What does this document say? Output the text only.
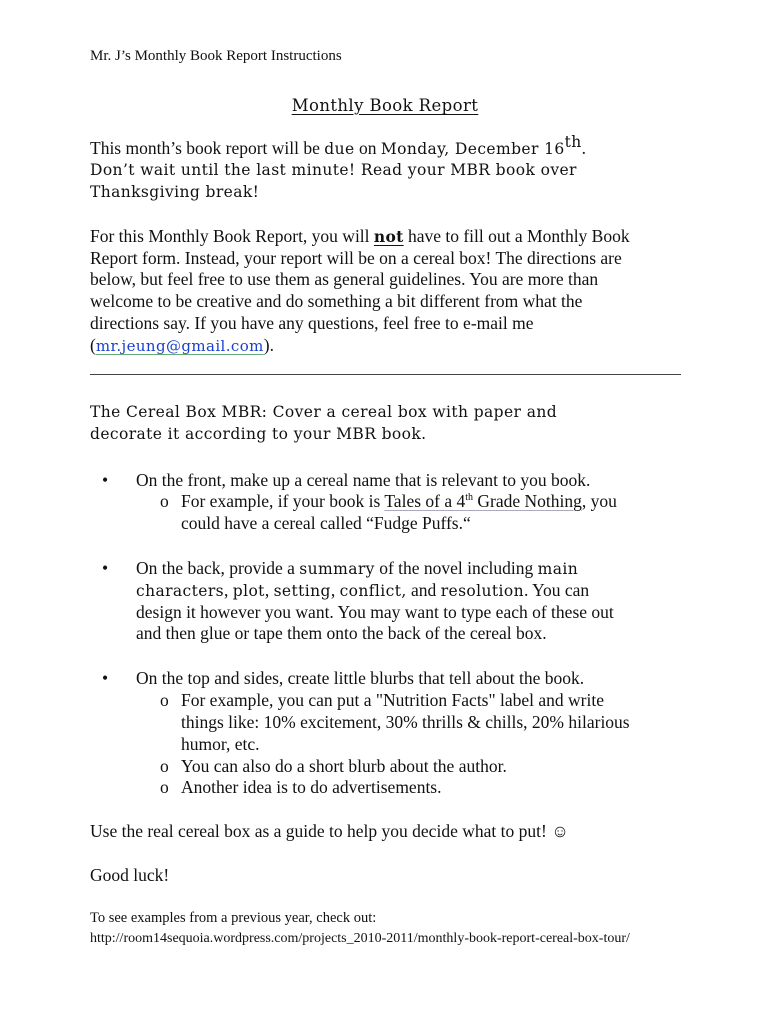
Mr. J’s Monthly Book Report Instructions
Monthly Book Report
This month’s book report will be due on Monday, December 16th.
Don’t wait until the last minute! Read your MBR book over
Thanksgiving break!
For this Monthly Book Report, you will not have to fill out a Monthly Book
Report form. Instead, your report will be on a cereal box! The directions are
below, but feel free to use them as general guidelines. You are more than
welcome to be creative and do something a bit different from what the
directions say. If you have any questions, feel free to e-mail me
(mr.jeung@gmail.com).
The Cereal Box MBR: Cover a cereal box with paper and
decorate it according to your MBR book.
• On the front, make up a cereal name that is relevant to you book.
o For example, if your book is Tales of a 4th Grade Nothing, you
could have a cereal called “Fudge Puffs.“
• On the back, provide a summary of the novel including main
characters, plot, setting, conflict, and resolution. You can
design it however you want. You may want to type each of these out
and then glue or tape them onto the back of the cereal box.
• On the top and sides, create little blurbs that tell about the book.
o For example, you can put a "Nutrition Facts" label and write
things like: 10% excitement, 30% thrills & chills, 20% hilarious
humor, etc.
o You can also do a short blurb about the author.
o Another idea is to do advertisements.
Use the real cereal box as a guide to help you decide what to put! ☺
Good luck!
To see examples from a previous year, check out:
http://room14sequoia.wordpress.com/projects_2010-2011/monthly-book-report-cereal-box-tour/
